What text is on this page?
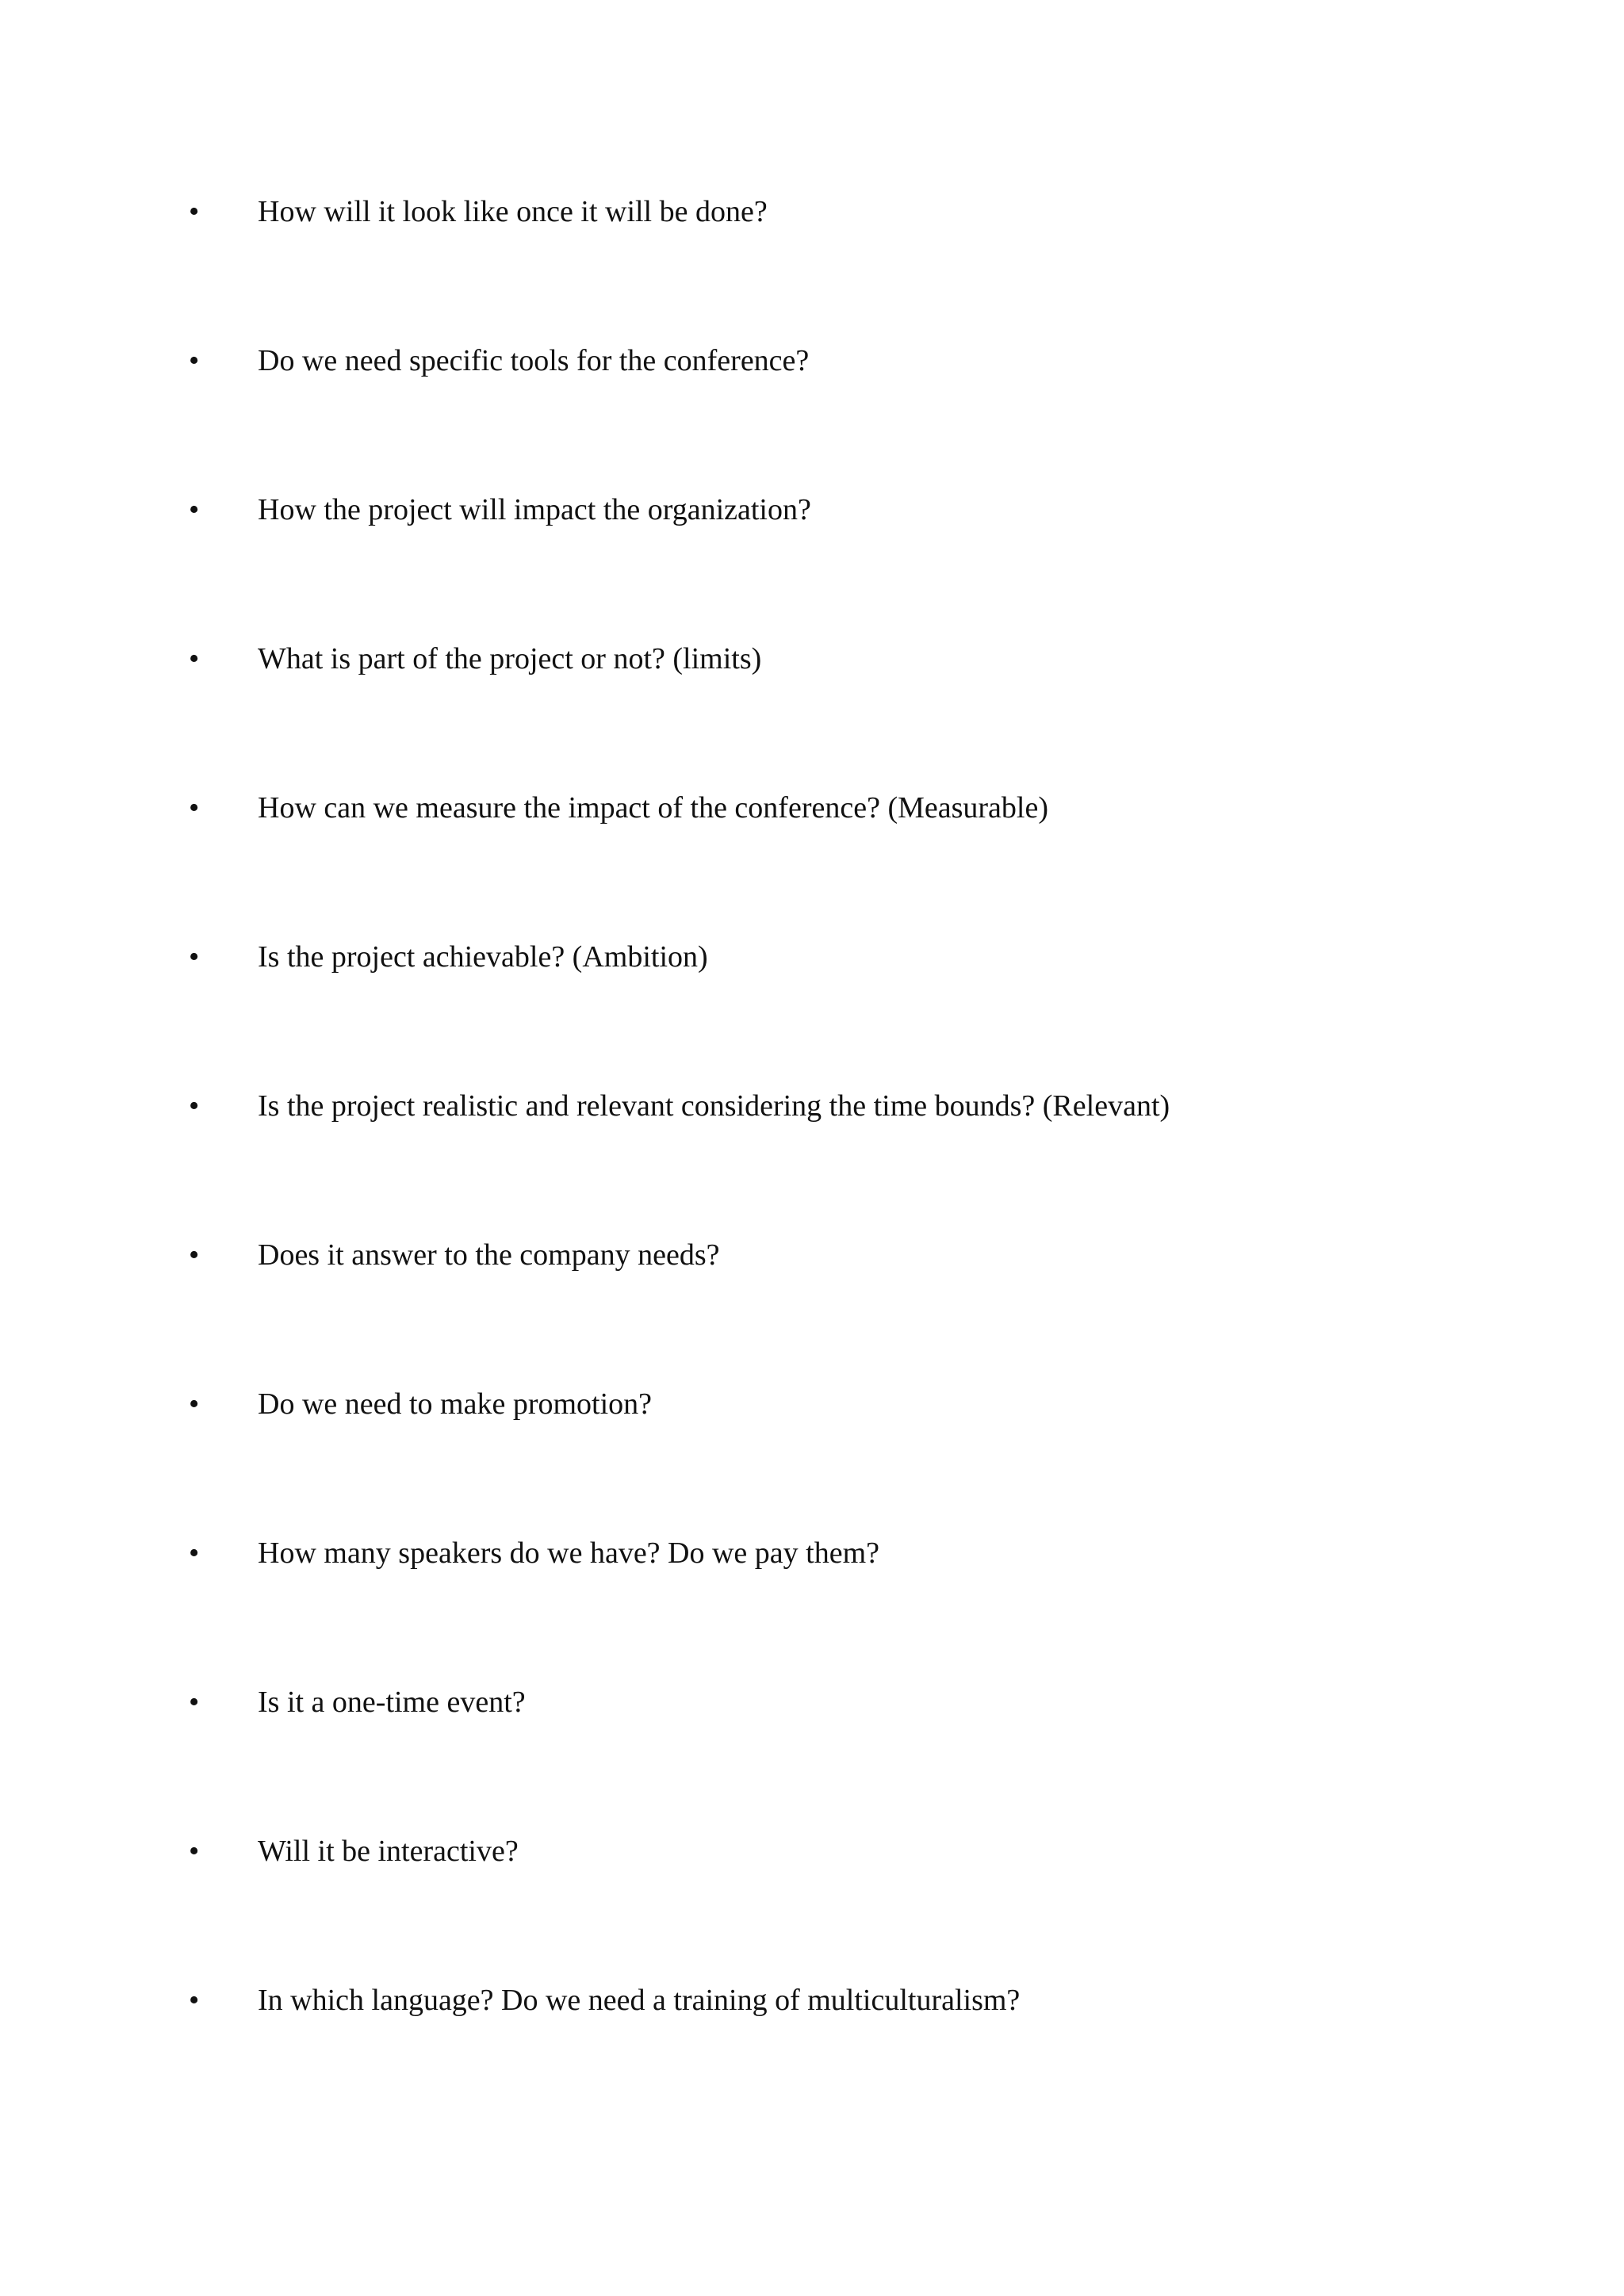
• How will it look like once it will be done?
• Do we need specific tools for the conference?
• How the project will impact the organization?
• What is part of the project or not? (limits)
• How can we measure the impact of the conference? (Measurable)
• Is the project achievable? (Ambition)
• Is the project realistic and relevant considering the time bounds? (Relevant)
• Does it answer to the company needs?
• Do we need to make promotion?
• How many speakers do we have? Do we pay them?
• Is it a one-time event?
• Will it be interactive?
• In which language? Do we need a training of multiculturalism?
